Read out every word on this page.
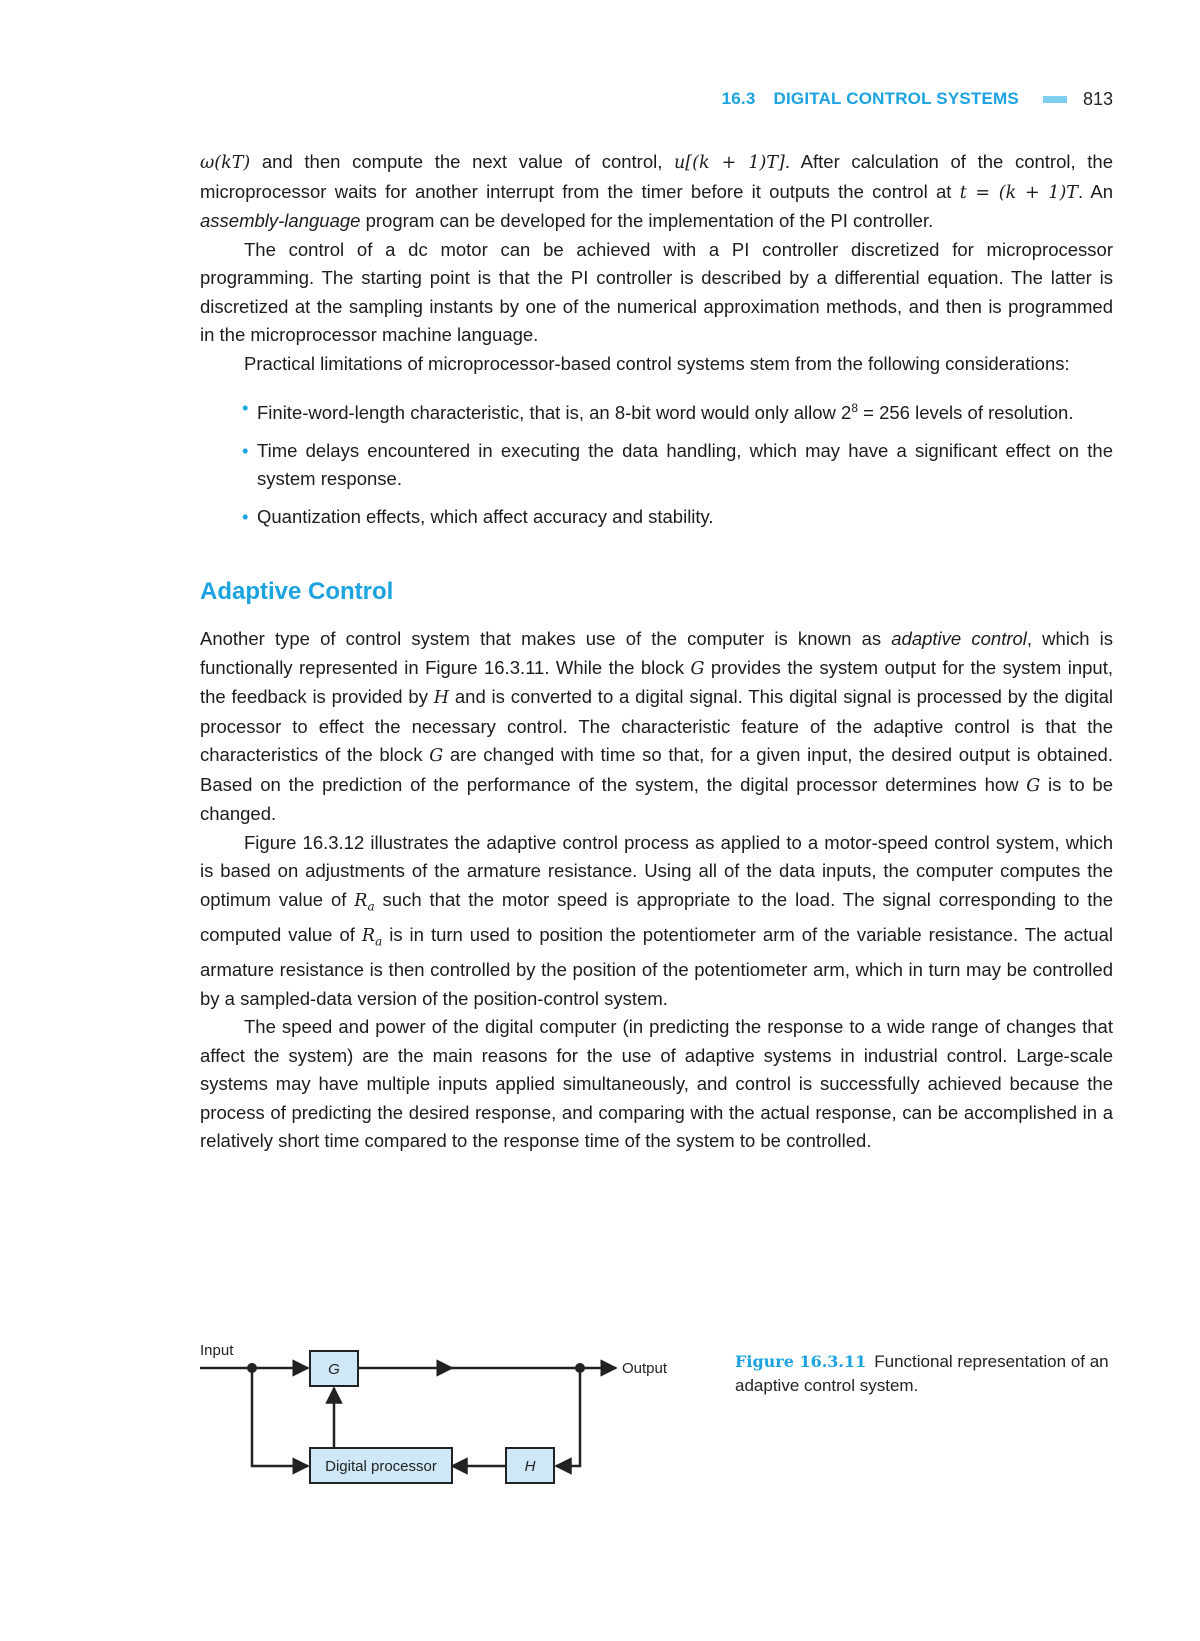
16.3 DIGITAL CONTROL SYSTEMS	813

ω(kT) and then compute the next value of control, u[(k + 1)T]. After calculation of the control, the microprocessor waits for another interrupt from the timer before it outputs the control at t = (k + 1)T. An assembly-language program can be developed for the implementation of the PI controller.

The control of a dc motor can be achieved with a PI controller discretized for microprocessor programming. The starting point is that the PI controller is described by a differential equation. The latter is discretized at the sampling instants by one of the numerical approximation methods, and then is programmed in the microprocessor machine language.

Practical limitations of microprocessor-based control systems stem from the following considerations:

• Finite-word-length characteristic, that is, an 8-bit word would only allow $2^8 = 256$ levels of resolution.
• Time delays encountered in executing the data handling, which may have a significant effect on the system response.
• Quantization effects, which affect accuracy and stability.
Adaptive Control

Another type of control system that makes use of the computer is known as adaptive control, which is functionally represented in Figure 16.3.11. While the block G provides the system output for the system input, the feedback is provided by H and is converted to a digital signal. This digital signal is processed by the digital processor to effect the necessary control. The characteristic feature of the adaptive control is that the characteristics of the block G are changed with time so that, for a given input, the desired output is obtained. Based on the prediction of the performance of the system, the digital processor determines how G is to be changed.

Figure 16.3.12 illustrates the adaptive control process as applied to a motor-speed control system, which is based on adjustments of the armature resistance. Using all of the data inputs, the computer computes the optimum value of $R_a$ such that the motor speed is appropriate to the load. The signal corresponding to the computed value of $R_a$ is in turn used to position the potentiometer arm of the variable resistance. The actual armature resistance is then controlled by the position of the potentiometer arm, which in turn may be controlled by a sampled-data version of the position-control system.

The speed and power of the digital computer (in predicting the response to a wide range of changes that affect the system) are the main reasons for the use of adaptive systems in industrial control. Large-scale systems may have multiple inputs applied simultaneously, and control is successfully achieved because the process of predicting the desired response, and comparing with the actual response, can be accomplished in a relatively short time compared to the response time of the system to be controlled.

Input
G	Output
H
Digital processor
Figure 16.3.11 Functional representation of an adaptive control system.
